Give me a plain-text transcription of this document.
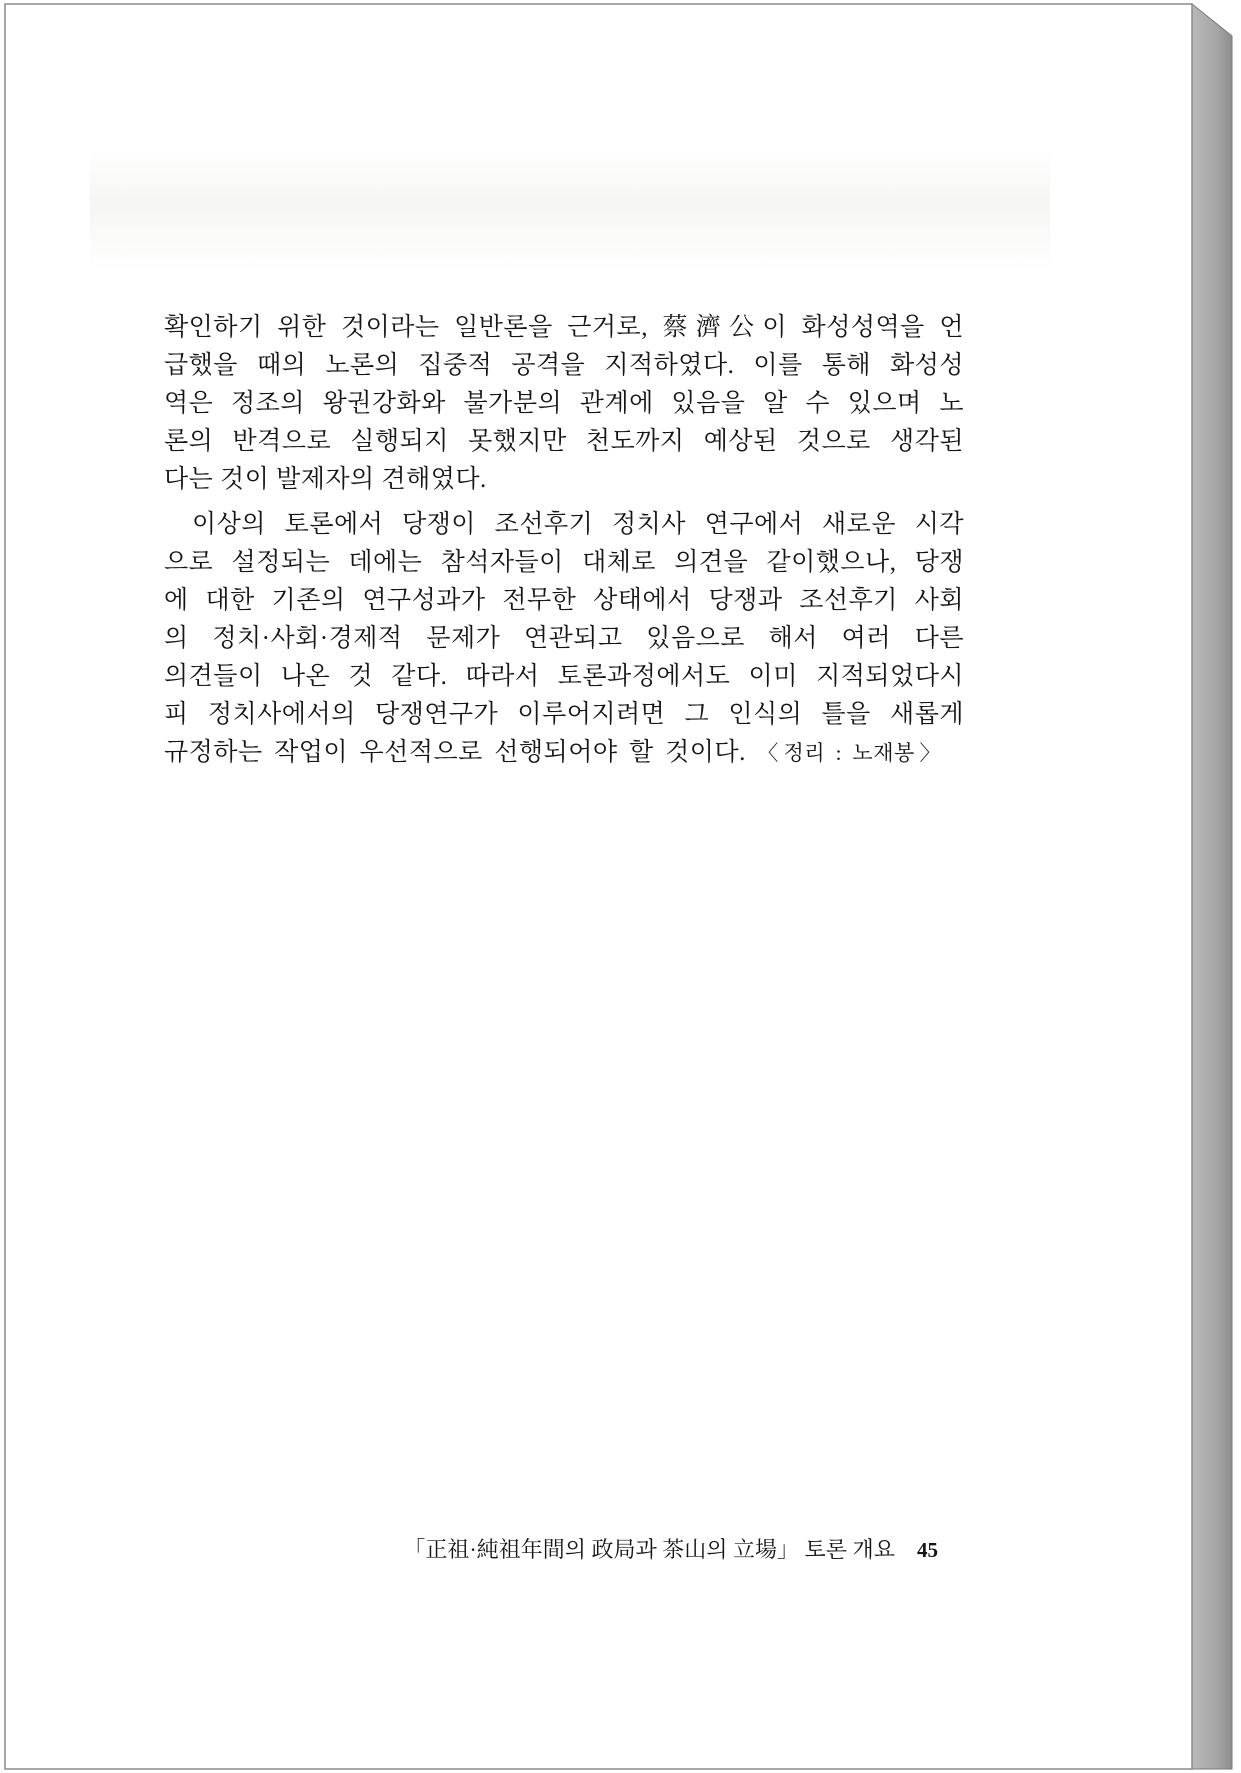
확인하기 위한 것이라는 일반론을 근거로, 蔡濟公이 화성성역을 언
급했을 때의 노론의 집중적 공격을 지적하였다. 이를 통해 화성성
역은 정조의 왕권강화와 불가분의 관계에 있음을 알 수 있으며 노
론의 반격으로 실행되지 못했지만 천도까지 예상된 것으로 생각된
다는 것이 발제자의 견해였다.
이상의 토론에서 당쟁이 조선후기 정치사 연구에서 새로운 시각
으로 설정되는 데에는 참석자들이 대체로 의견을 같이했으나, 당쟁
에 대한 기존의 연구성과가 전무한 상태에서 당쟁과 조선후기 사회
의 정치·사회·경제적 문제가 연관되고 있음으로 해서 여러 다른
의견들이 나온 것 같다. 따라서 토론과정에서도 이미 지적되었다시
피 정치사에서의 당쟁연구가 이루어지려면 그 인식의 틀을 새롭게
규정하는 작업이 우선적으로 선행되어야 할 것이다. 〈정리 : 노재봉〉
「正祖·純祖年間의 政局과 茶山의 立場」 토론 개요 45
